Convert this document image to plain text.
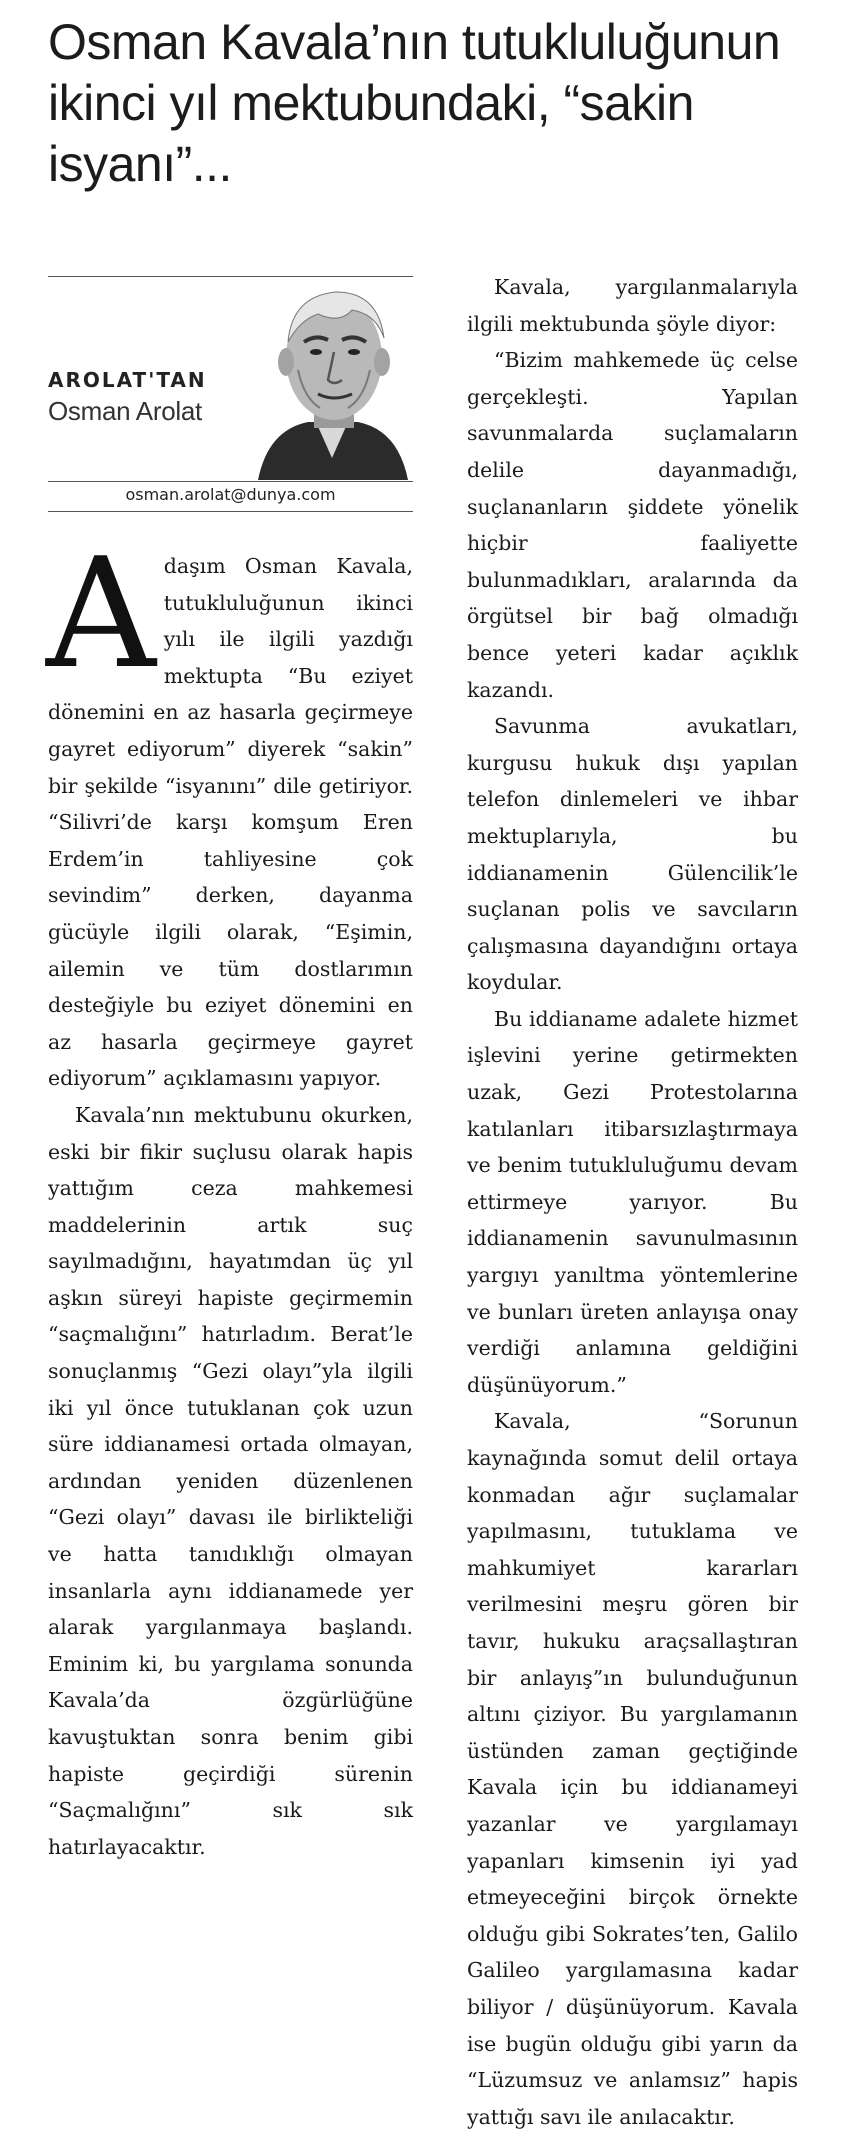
Osman Kavala’nın tutukluluğunun ikinci yıl mektubundaki, “sakin isyanı”...
AROLAT'TAN
Osman Arolat
osman.arolat@dunya.com

Adaşım Osman Kavala, tutukluluğunun ikinci yılı ile ilgili yazdığı mektupta “Bu eziyet dönemini en az hasarla geçirmeye gayret ediyorum” diyerek “sakin” bir şekilde “isyanını” dile getiriyor. “Silivri’de karşı komşum Eren Erdem’in tahliyesine çok sevindim” derken, dayanma gücüyle ilgili olarak, “Eşimin, ailemin ve tüm dostlarımın desteğiyle bu eziyet dönemini en az hasarla geçirmeye gayret ediyorum” açıklamasını yapıyor.

Kavala’nın mektubunu okurken, eski bir fikir suçlusu olarak hapis yattığım ceza mahkemesi maddelerinin artık suç sayılmadığını, hayatımdan üç yıl aşkın süreyi hapiste geçirmemin “saçmalığını” hatırladım. Berat’le sonuçlanmış “Gezi olayı”yla ilgili iki yıl önce tutuklanan çok uzun süre iddianamesi ortada olmayan, ardından yeniden düzenlenen “Gezi olayı” davası ile birlikteliği ve hatta tanıdıklığı olmayan insanlarla aynı iddianamede yer alarak yargılanmaya başlandı. Eminim ki, bu yargılama sonunda Kavala’da özgürlüğüne kavuştuktan sonra benim gibi hapiste geçirdiği sürenin “Saçmalığını” sık sık hatırlayacaktır.

Kavala, yargılanmalarıyla ilgili mektubunda şöyle diyor:

“Bizim mahkemede üç celse gerçekleşti. Yapılan savunmalarda suçlamaların delile dayanmadığı, suçlananların şiddete yönelik hiçbir faaliyette bulunmadıkları, aralarında da örgütsel bir bağ olmadığı bence yeteri kadar açıklık kazandı.

Savunma avukatları, kurgusu hukuk dışı yapılan telefon dinlemeleri ve ihbar mektuplarıyla, bu iddianamenin Gülencilik’le suçlanan polis ve savcıların çalışmasına dayandığını ortaya koydular.

Bu iddianame adalete hizmet işlevini yerine getirmekten uzak, Gezi Protestolarına katılanları itibarsızlaştırmaya ve benim tutukluluğumu devam ettirmeye yarıyor. Bu iddianamenin savunulmasının yargıyı yanıltma yöntemlerine ve bunları üreten anlayışa onay verdiği anlamına geldiğini düşünüyorum.”

Kavala, “Sorunun kaynağında somut delil ortaya konmadan ağır suçlamalar yapılmasını, tutuklama ve mahkumiyet kararları verilmesini meşru gören bir tavır, hukuku araçsallaştıran bir anlayış”ın bulunduğunun altını çiziyor. Bu yargılamanın üstünden zaman geçtiğinde Kavala için bu iddianameyi yazanlar ve yargılamayı yapanları kimsenin iyi yad etmeyeceğini birçok örnekte olduğu gibi Sokrates’ten, Galilo Galileo yargılamasına kadar biliyor / düşünüyorum. Kavala ise bugün olduğu gibi yarın da “Lüzumsuz ve anlamsız” hapis yattığı savı ile anılacaktır.
